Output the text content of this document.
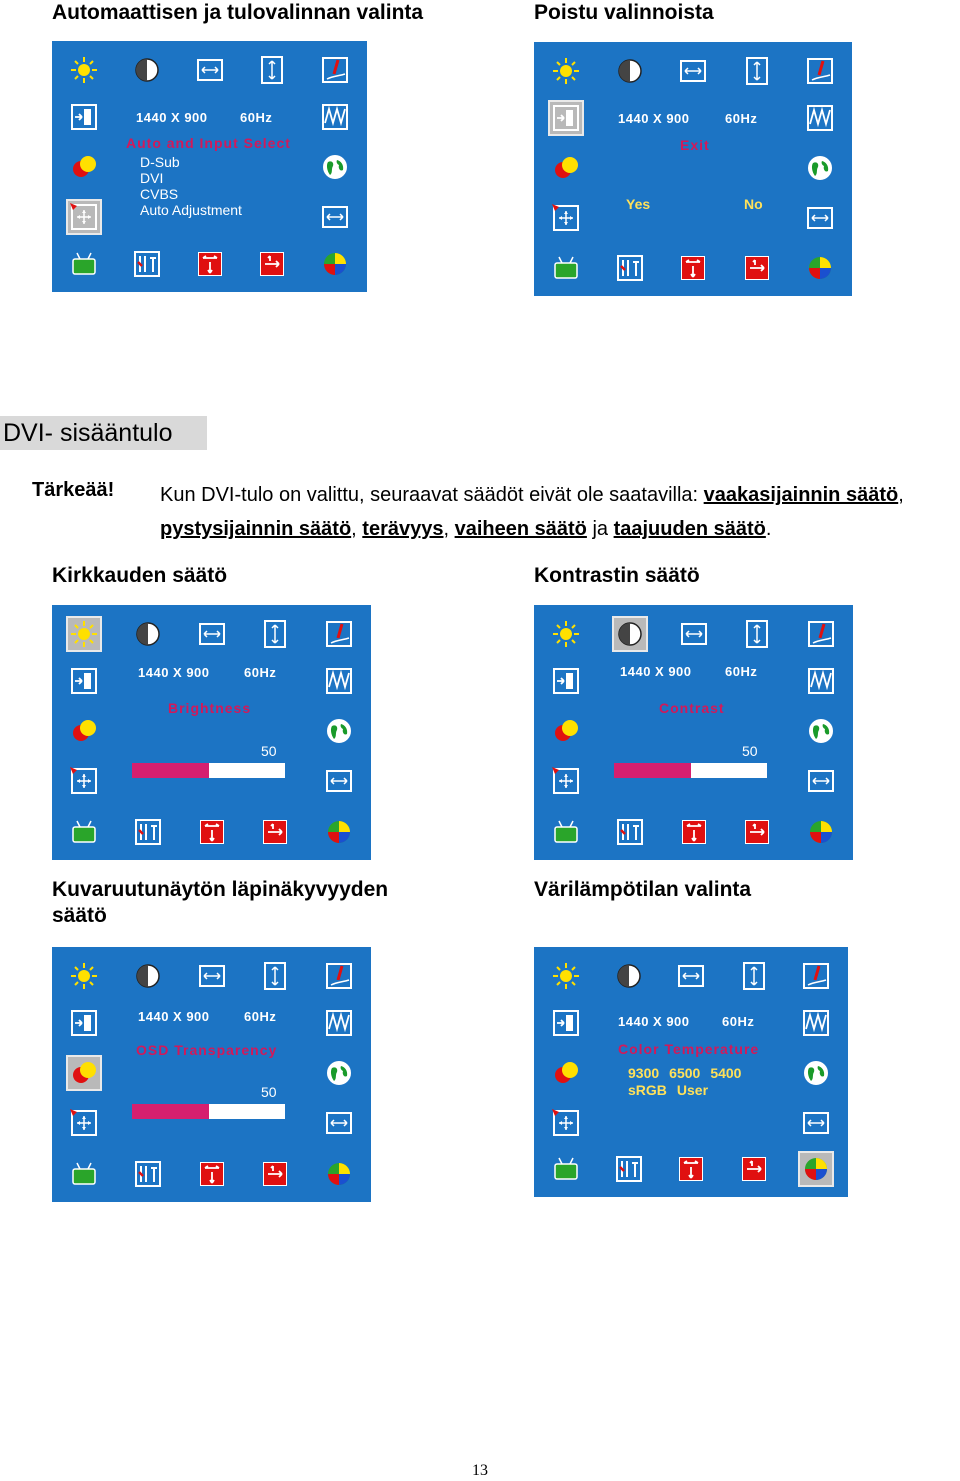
Automaattisen ja tulovalinnan valinta	Poistu valinnoista

1440 X 900 60Hz
Auto and Input Select
D-Sub
DVI
CVBS
Auto Adjustment
1440 X 900	60Hz
Exit
Yes	No
DVI- sisääntulo
Tärkeää! Kun DVI-tulo on valittu, seuraavat säädöt eivät ole saatavilla: vaakasijainnin säätö, pystysijainnin säätö, terävyys, vaiheen säätö ja taajuuden säätö.

Kirkkauden säätö	Kontrastin säätö

1440 X 900	60Hz
Brightness
50
1440 X 900	60Hz
Contrast
50

Kuvaruutunäytön läpinäkyvyyden
säätö

Värilämpötilan valinta

1440 X 900	60Hz
OSD Transparency
50
1440 X 900 60Hz
Color Temperature
9300 6500 5400
sRGB User
13
